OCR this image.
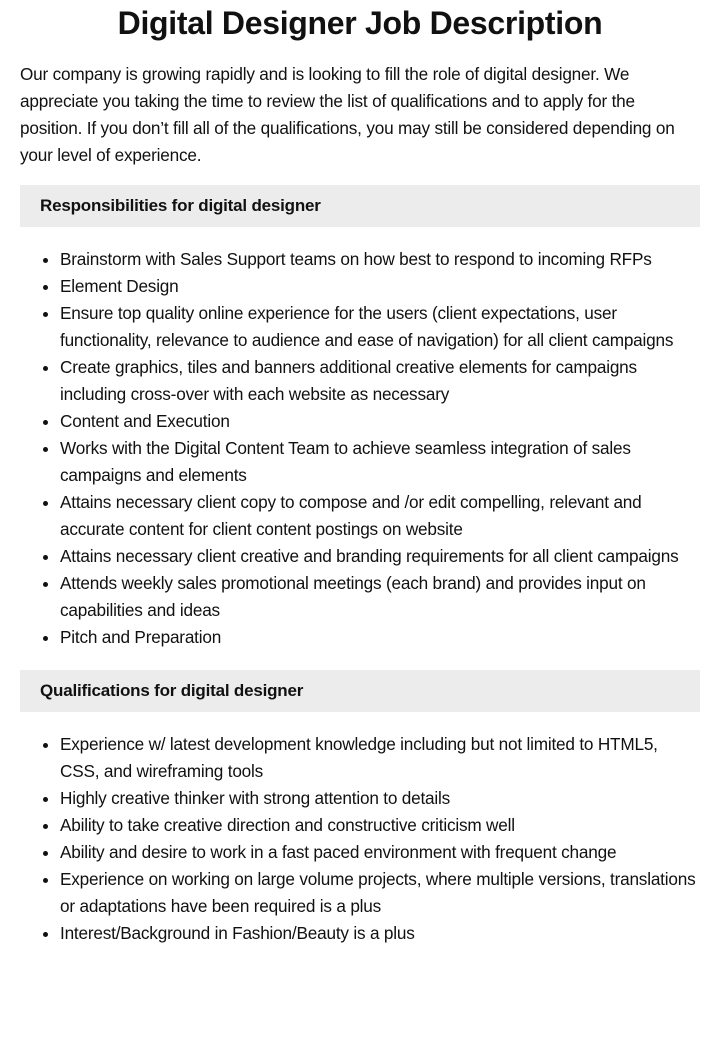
Digital Designer Job Description

Our company is growing rapidly and is looking to fill the role of digital designer. We appreciate you taking the time to review the list of qualifications and to apply for the position. If you don’t fill all of the qualifications, you may still be considered depending on your level of experience.

Responsibilities for digital designer
Brainstorm with Sales Support teams on how best to respond to incoming RFPs
Element Design
Ensure top quality online experience for the users (client expectations, user functionality, relevance to audience and ease of navigation) for all client campaigns
Create graphics, tiles and banners additional creative elements for campaigns including cross-over with each website as necessary
Content and Execution
Works with the Digital Content Team to achieve seamless integration of sales campaigns and elements
Attains necessary client copy to compose and /or edit compelling, relevant and accurate content for client content postings on website
Attains necessary client creative and branding requirements for all client campaigns
Attends weekly sales promotional meetings (each brand) and provides input on capabilities and ideas
Pitch and Preparation
Qualifications for digital designer
Experience w/ latest development knowledge including but not limited to HTML5, CSS, and wireframing tools
Highly creative thinker with strong attention to details
Ability to take creative direction and constructive criticism well
Ability and desire to work in a fast paced environment with frequent change
Experience on working on large volume projects, where multiple versions, translations or adaptations have been required is a plus
Interest/Background in Fashion/Beauty is a plus
